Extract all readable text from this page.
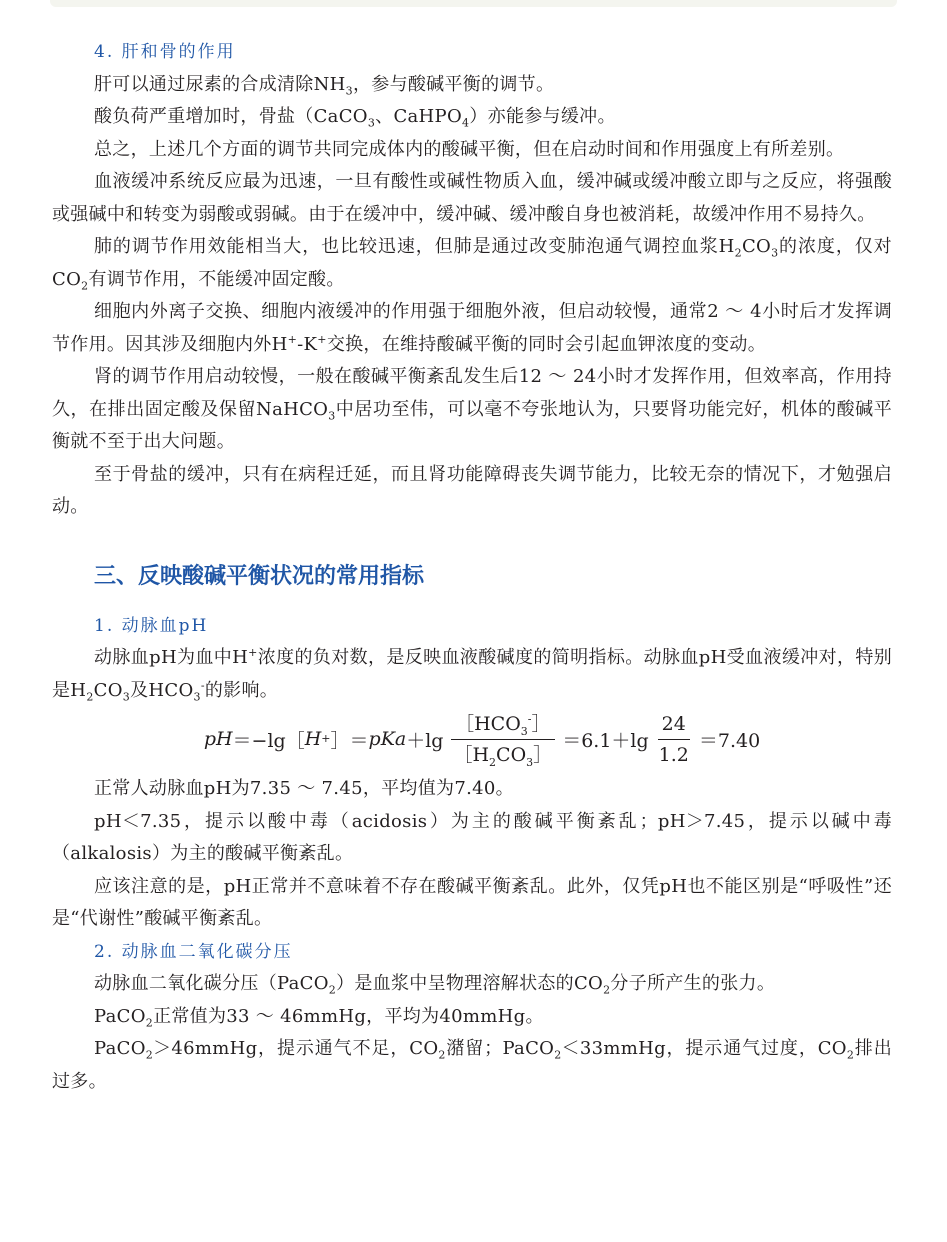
4. 肝和骨的作用

肝可以通过尿素的合成清除$NH_3$，参与酸碱平衡的调节。

酸负荷严重增加时，骨盐（CaCO$_3$、CaHPO$_4$）亦能参与缓冲。

总之，上述几个方面的调节共同完成体内的酸碱平衡，但在启动时间和作用强度上有所差别。

血液缓冲系统反应最为迅速，一旦有酸性或碱性物质入血，缓冲碱或缓冲酸立即与之反应，将强酸或强碱中和转变为弱酸或弱碱。由于在缓冲中，缓冲碱、缓冲酸自身也被消耗，故缓冲作用不易持久。

肺的调节作用效能相当大，也比较迅速，但肺是通过改变肺泡通气调控血浆$H_2CO_3$的浓度，仅对$CO_2$有调节作用，不能缓冲固定酸。

细胞内外离子交换、细胞内液缓冲的作用强于细胞外液，但启动较慢，通常2 ～ 4小时后才发挥调节作用。因其涉及细胞内外H+-K+交换，在维持酸碱平衡的同时会引起血钾浓度的变动。

肾的调节作用启动较慢，一般在酸碱平衡紊乱发生后12 ～ 24小时才发挥作用，但效率高，作用持久，在排出固定酸及保留NaHCO$_3$中居功至伟，可以毫不夸张地认为，只要肾功能完好，机体的酸碱平衡就不至于出大问题。

至于骨盐的缓冲，只有在病程迁延，而且肾功能障碍丧失调节能力，比较无奈的情况下，才勉强启动。

三、反映酸碱平衡状况的常用指标

1. 动脉血pH

动脉血pH为血中H+浓度的负对数，是反映血液酸碱度的简明指标。动脉血pH受血液缓冲对，特别是$H_2CO_3$及$HCO_3^-$的影响。

pH ＝−lg［ H + ］＝ pKa $+\lg \frac{[HCO_3^-]}{[H_2CO_3]} =6.1+\lg \frac{24}{1.2} =7.40$

正常人动脉血pH为7.35 ～ 7.45，平均值为7.40。

pH＜7.35，提示以酸中毒（acidosis）为主的酸碱平衡紊乱；pH＞7.45，提示以碱中毒（alkalosis）为主的酸碱平衡紊乱。

应该注意的是，pH正常并不意味着不存在酸碱平衡紊乱。此外，仅凭pH也不能区别是“呼吸性”还是“代谢性”酸碱平衡紊乱。

2. 动脉血二氧化碳分压

动脉血二氧化碳分压（PaCO$_2$）是血浆中呈物理溶解状态的$CO_2$分子所产生的张力。

PaCO$_2$正常值为33 ～ 46mmHg，平均为40mmHg。

PaCO$_2$＞46mmHg，提示通气不足，$CO_2$潴留；PaCO$_2$＜33mmHg，提示通气过度，$CO_2$排出过多。
